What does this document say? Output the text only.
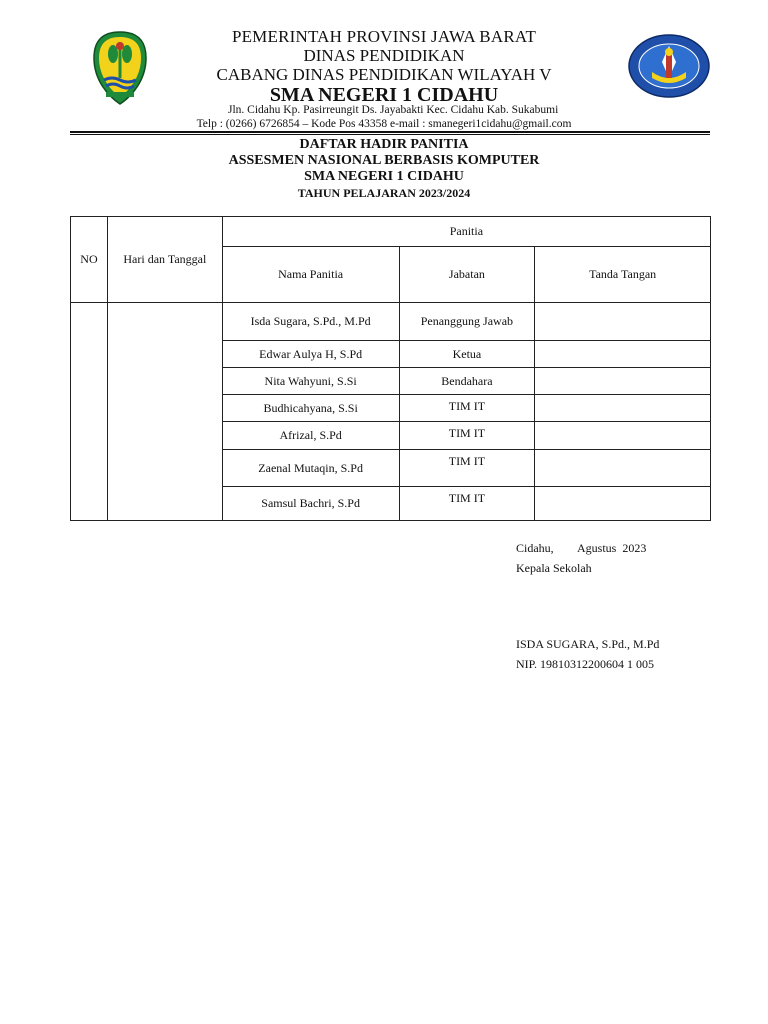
PEMERINTAH PROVINSI JAWA BARAT
DINAS PENDIDIKAN
CABANG DINAS PENDIDIKAN WILAYAH V
SMA NEGERI 1 CIDAHU
Jln. Cidahu Kp. Pasirreungit Ds. Jayabakti Kec. Cidahu Kab. Sukabumi
Telp : (0266) 6726854 – Kode Pos 43358 e-mail : smanegeri1cidahu@gmail.com
DAFTAR HADIR PANITIA
ASSESMEN NASIONAL BERBASIS KOMPUTER
SMA NEGERI 1 CIDAHU
TAHUN PELAJARAN 2023/2024
NO	Hari dan Tanggal	Panitia		
		Nama Panitia	Jabatan	Tanda Tangan
		Isda Sugara, S.Pd., M.Pd	Penanggung Jawab	
		Edwar Aulya H, S.Pd	Ketua	
		Nita Wahyuni, S.Si	Bendahara	
		Budhicahyana, S.Si	TIM IT	
		Afrizal, S.Pd	TIM IT	
		Zaenal Mutaqin, S.Pd	TIM IT	
		Samsul Bachri, S.Pd	TIM IT	
Cidahu,        Agustus  2023
Kepala Sekolah
ISDA SUGARA, S.Pd., M.Pd
NIP. 19810312200604 1 005
